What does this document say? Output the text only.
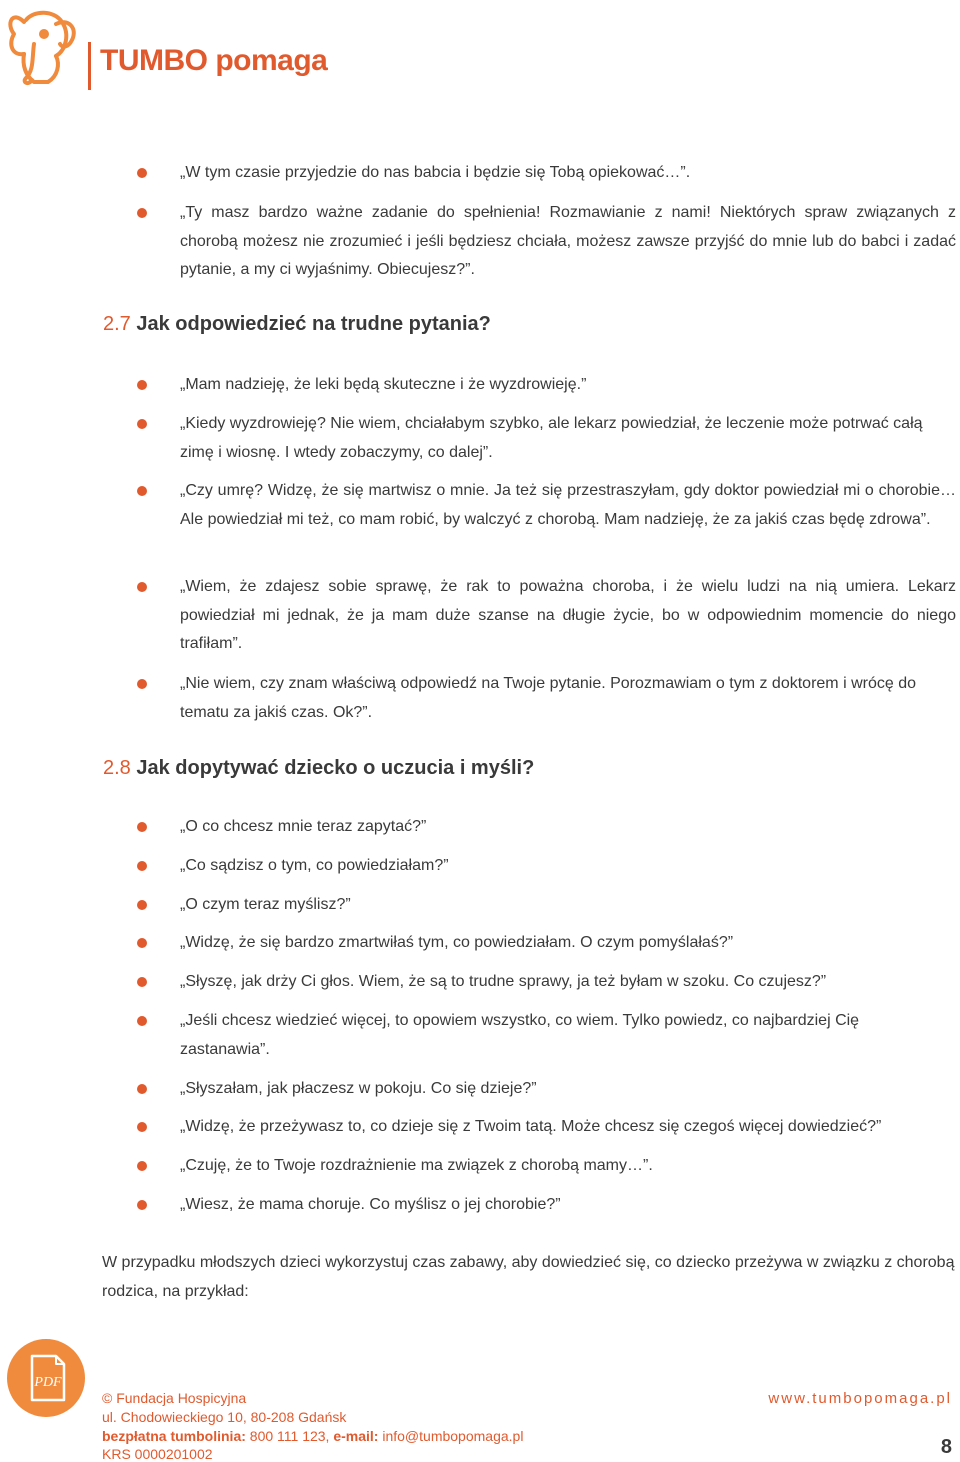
TUMBO pomaga
„W tym czasie przyjedzie do nas babcia i będzie się Tobą opiekować…”.
„Ty masz bardzo ważne zadanie do spełnienia! Rozmawianie z nami! Niektórych spraw związanych z chorobą możesz nie zrozumieć i jeśli będziesz chciała, możesz zawsze przyjść do mnie lub do babci i zadać pytanie, a my ci wyjaśnimy. Obiecujesz?”.
2.7 Jak odpowiedzieć na trudne pytania?
„Mam nadzieję, że leki będą skuteczne i że wyzdrowieję.”
„Kiedy wyzdrowieję? Nie wiem, chciałabym szybko, ale lekarz powiedział, że leczenie może potrwać całą zimę i wiosnę. I wtedy zobaczymy, co dalej”.
„Czy umrę? Widzę, że się martwisz o mnie. Ja też się przestraszyłam, gdy doktor powiedział mi o chorobie… Ale powiedział mi też, co mam robić, by walczyć z chorobą. Mam nadzieję, że za jakiś czas będę zdrowa”.
„Wiem, że zdajesz sobie sprawę, że rak to poważna choroba, i że wielu ludzi na nią umiera. Lekarz powiedział mi jednak, że ja mam duże szanse na długie życie, bo w odpowiednim momencie do niego trafiłam”.
„Nie wiem, czy znam właściwą odpowiedź na Twoje pytanie. Porozmawiam o tym z doktorem i wrócę do tematu za jakiś czas. Ok?”.
2.8 Jak dopytywać dziecko o uczucia i myśli?
„O co chcesz mnie teraz zapytać?”
„Co sądzisz o tym, co powiedziałam?”
„O czym teraz myślisz?”
„Widzę, że się bardzo zmartwiłaś tym, co powiedziałam. O czym pomyślałaś?”
„Słyszę, jak drży Ci głos. Wiem, że są to trudne sprawy, ja też byłam w szoku. Co czujesz?”
„Jeśli chcesz wiedzieć więcej, to opowiem wszystko, co wiem. Tylko powiedz, co najbardziej Cię zastanawia”.
„Słyszałam, jak płaczesz w pokoju. Co się dzieje?”
„Widzę, że przeżywasz to, co dzieje się z Twoim tatą. Może chcesz się czegoś więcej dowiedzieć?”
„Czuję, że to Twoje rozdrażnienie ma związek z chorobą mamy…”.
„Wiesz, że mama choruje. Co myślisz o jej chorobie?”
W przypadku młodszych dzieci wykorzystuj czas zabawy, aby dowiedzieć się, co dziecko przeżywa w związku z chorobą rodzica, na przykład:
PDF
© Fundacja Hospicyjna
ul. Chodowieckiego 10, 80-208 Gdańsk
bezpłatna tumbolinia: 800 111 123, e-mail: info@tumbopomaga.pl
KRS 0000201002
www.tumbopomaga.pl
8
